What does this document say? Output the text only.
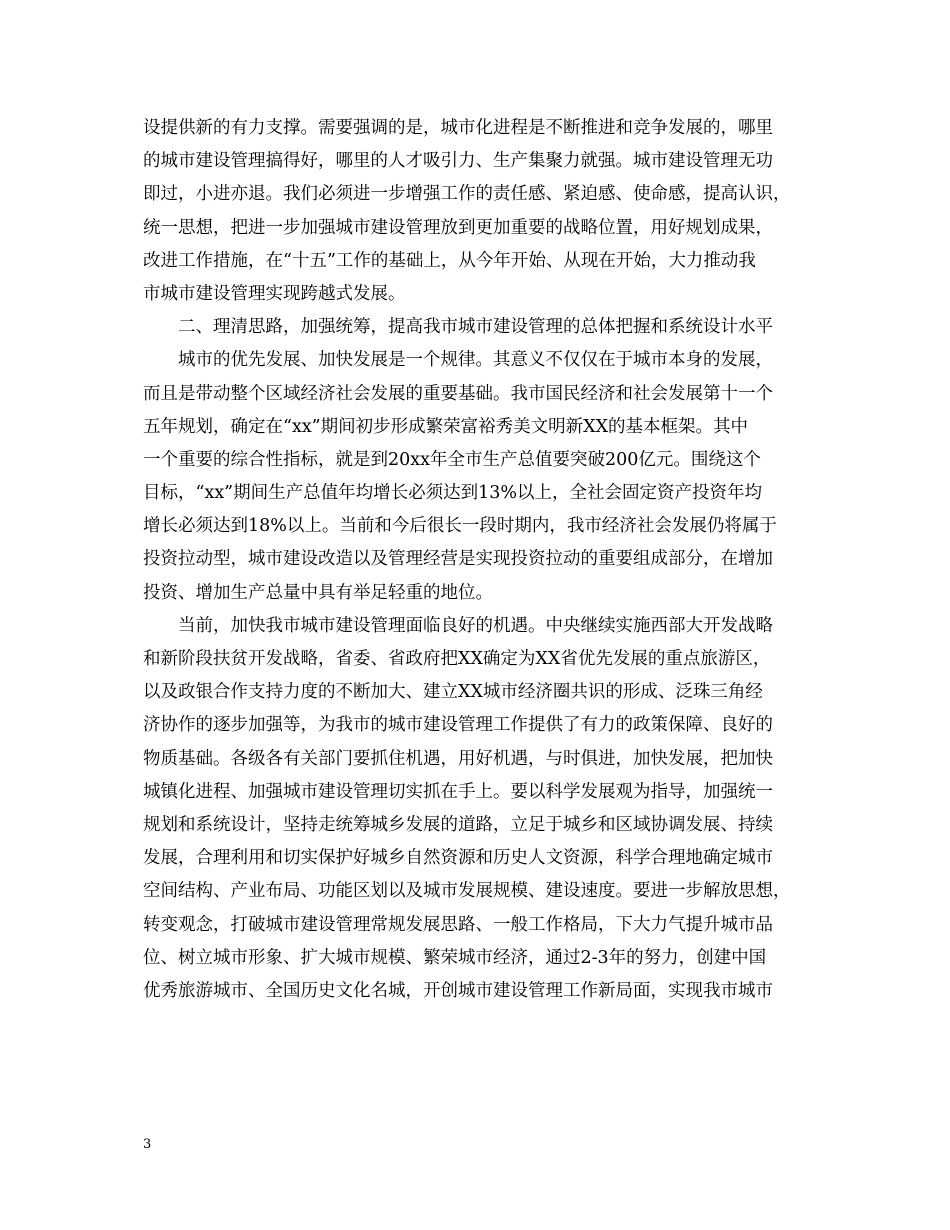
设提供新的有力支撑。需要强调的是，城市化进程是不断推进和竞争发展的，哪里
的城市建设管理搞得好，哪里的人才吸引力、生产集聚力就强。城市建设管理无功
即过，小进亦退。我们必须进一步增强工作的责任感、紧迫感、使命感，提高认识，
统一思想，把进一步加强城市建设管理放到更加重要的战略位置，用好规划成果，
改进工作措施，在“十五”工作的基础上，从今年开始、从现在开始，大力推动我
市城市建设管理实现跨越式发展。
二、理清思路，加强统筹，提高我市城市建设管理的总体把握和系统设计水平
城市的优先发展、加快发展是一个规律。其意义不仅仅在于城市本身的发展，
而且是带动整个区域经济社会发展的重要基础。我市国民经济和社会发展第十一个
五年规划，确定在“xx”期间初步形成繁荣富裕秀美文明新XX的基本框架。其中
一个重要的综合性指标，就是到20xx年全市生产总值要突破200亿元。围绕这个
目标，“xx”期间生产总值年均增长必须达到13%以上，全社会固定资产投资年均
增长必须达到18%以上。当前和今后很长一段时期内，我市经济社会发展仍将属于
投资拉动型，城市建设改造以及管理经营是实现投资拉动的重要组成部分，在增加
投资、增加生产总量中具有举足轻重的地位。
当前，加快我市城市建设管理面临良好的机遇。中央继续实施西部大开发战略
和新阶段扶贫开发战略，省委、省政府把XX确定为XX省优先发展的重点旅游区，
以及政银合作支持力度的不断加大、建立XX城市经济圈共识的形成、泛珠三角经
济协作的逐步加强等，为我市的城市建设管理工作提供了有力的政策保障、良好的
物质基础。各级各有关部门要抓住机遇，用好机遇，与时俱进，加快发展，把加快
城镇化进程、加强城市建设管理切实抓在手上。要以科学发展观为指导，加强统一
规划和系统设计，坚持走统筹城乡发展的道路，立足于城乡和区域协调发展、持续
发展，合理利用和切实保护好城乡自然资源和历史人文资源，科学合理地确定城市
空间结构、产业布局、功能区划以及城市发展规模、建设速度。要进一步解放思想，
转变观念，打破城市建设管理常规发展思路、一般工作格局，下大力气提升城市品
位、树立城市形象、扩大城市规模、繁荣城市经济，通过2-3年的努力，创建中国
优秀旅游城市、全国历史文化名城，开创城市建设管理工作新局面，实现我市城市
3
